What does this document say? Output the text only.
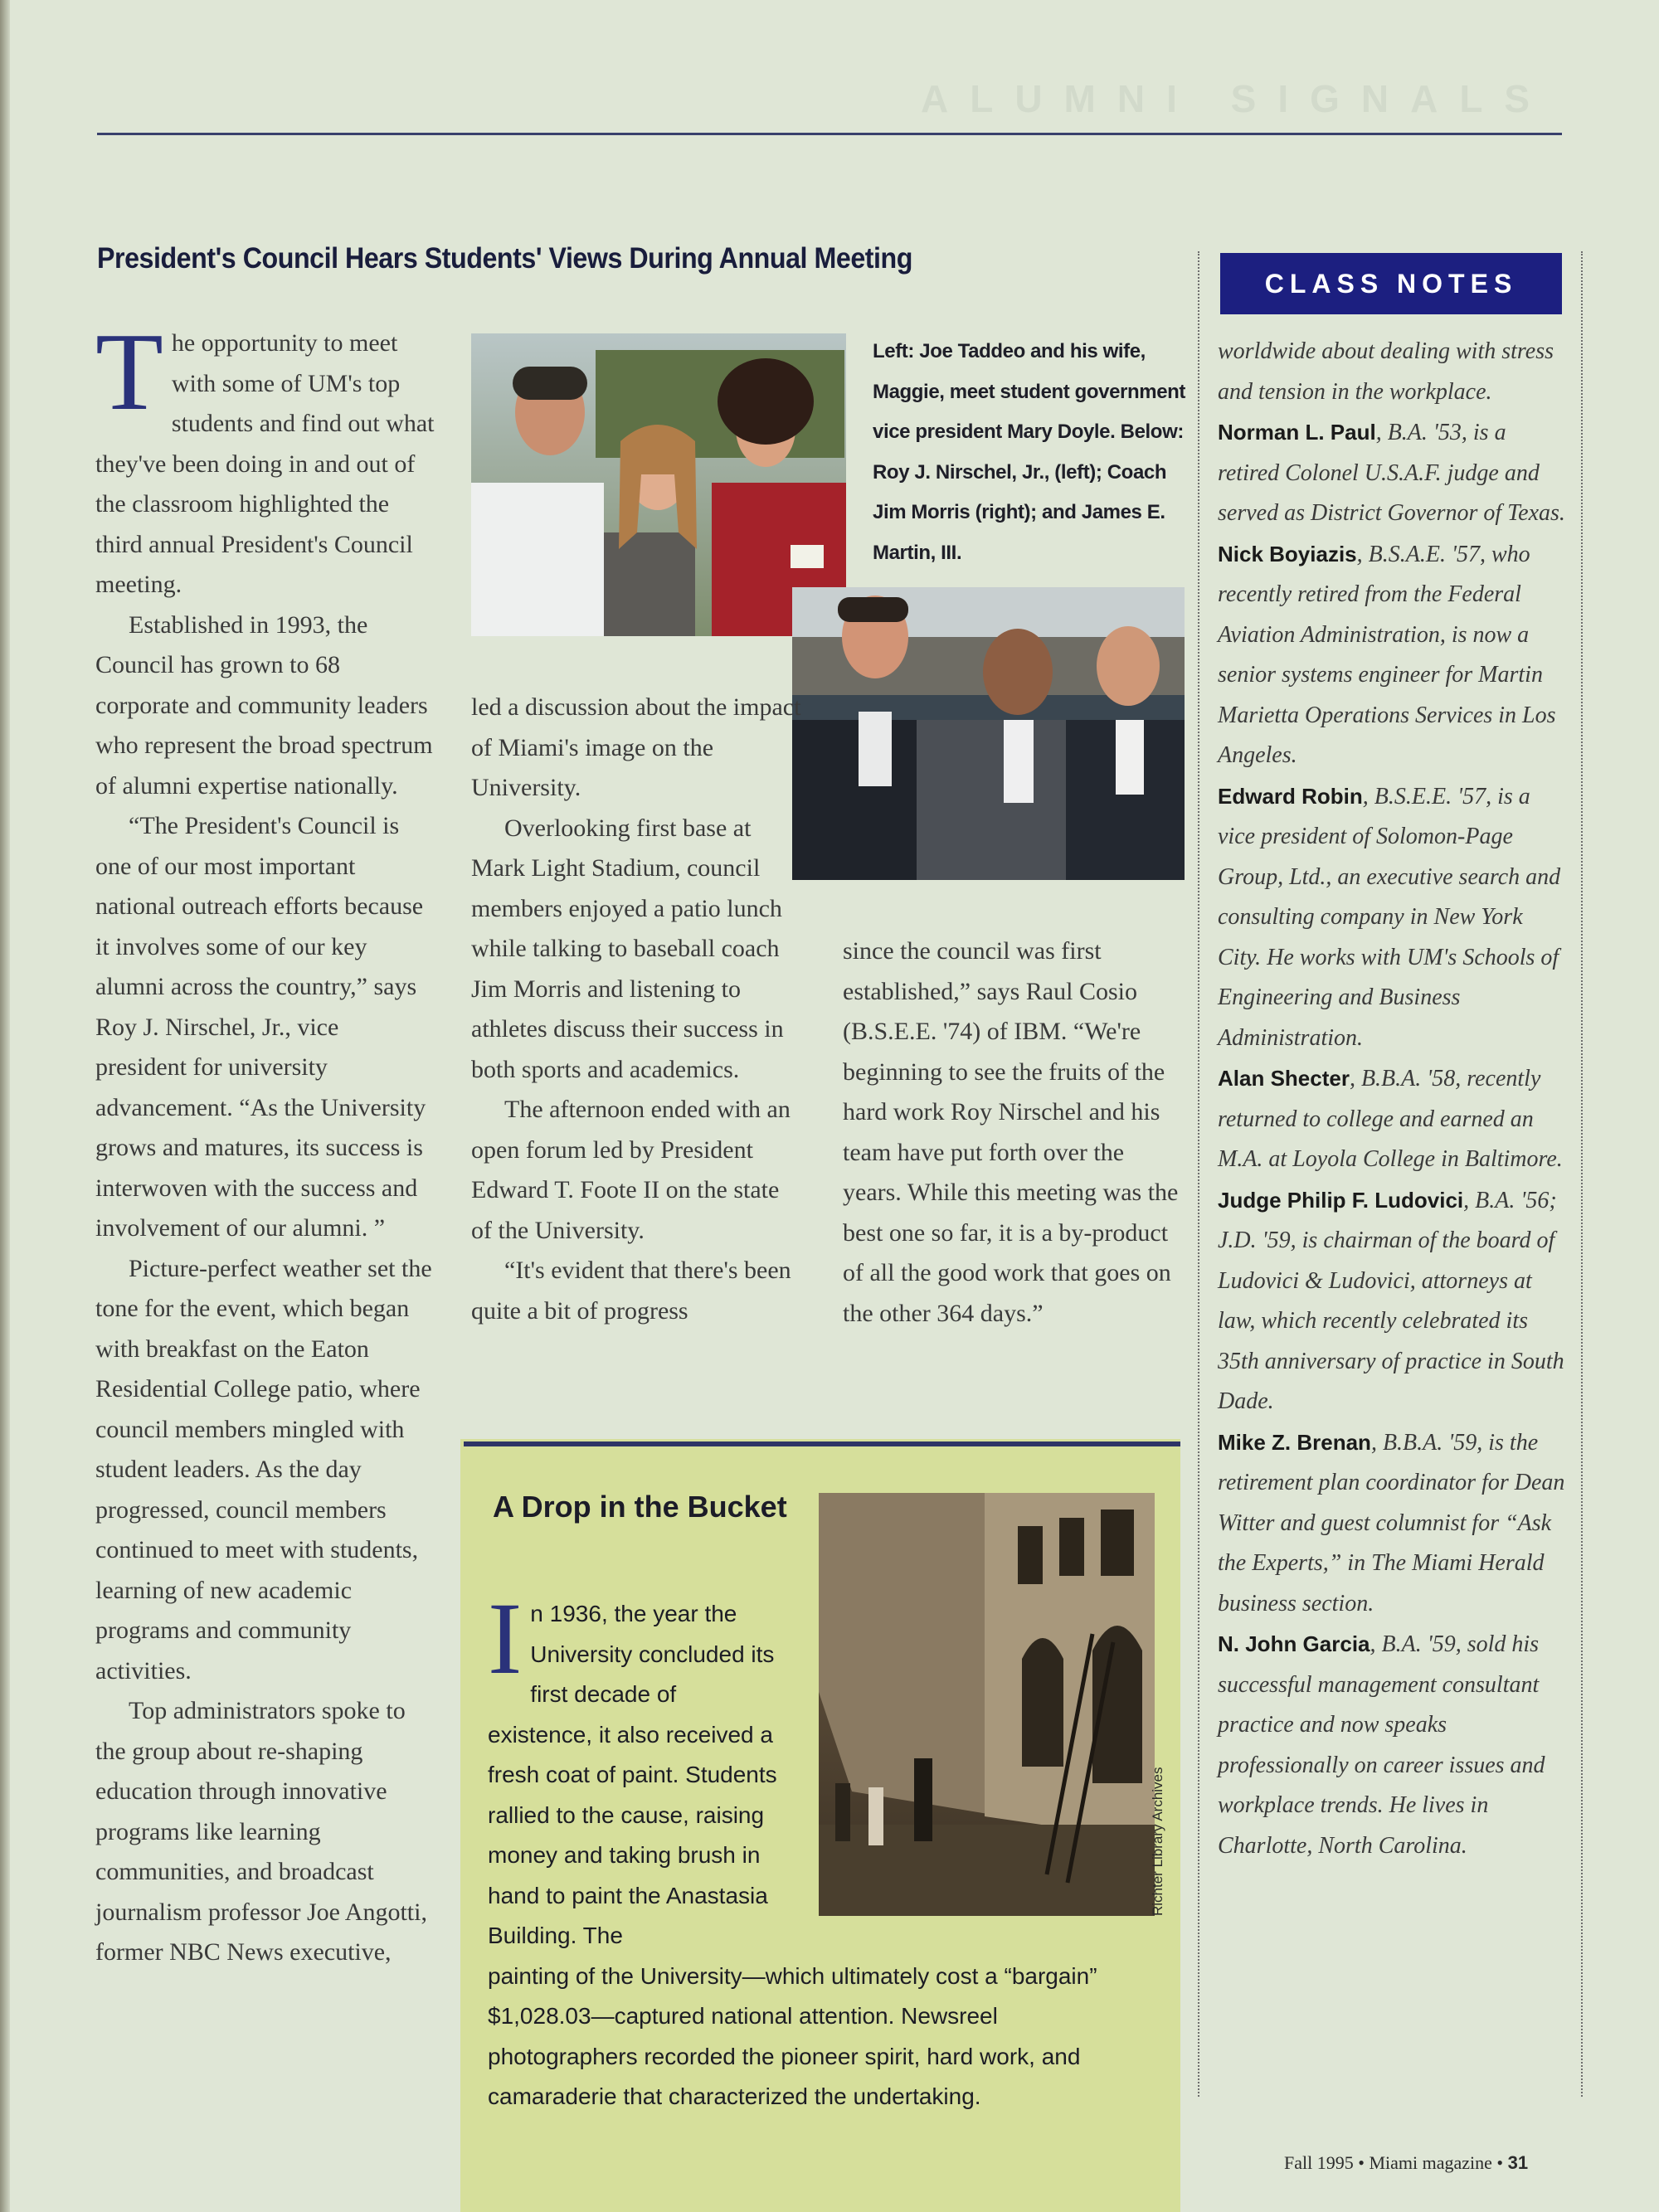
ALUMNI SIGNALS
President's Council Hears Students' Views During Annual Meeting
T he opportunity to meet with some of UM's top students and find out what they've been doing in and out of the classroom highlighted the third annual President's Council meeting.

Established in 1993, the Council has grown to 68 corporate and community leaders who represent the broad spectrum of alumni expertise nationally.

“The President's Council is one of our most important national outreach efforts because it involves some of our key alumni across the country,” says Roy J. Nirschel, Jr., vice president for university advancement. “As the University grows and matures, its success is interwoven with the success and involvement of our alumni. ”

Picture-perfect weather set the tone for the event, which began with breakfast on the Eaton Residential College patio, where council members mingled with student leaders. As the day progressed, council members continued to meet with students, learning of new academic programs and community activities.

Top administrators spoke to the group about re-shaping education through innovative programs like learning communities, and broadcast journalism professor Joe Angotti, former NBC News executive,

Left: Joe Taddeo and his wife, Maggie, meet student government vice president Mary Doyle. Below: Roy J. Nirschel, Jr., (left); Coach Jim Morris (right); and James E. Martin, III.

led a discussion about the impact of Miami's image on the University.

Overlooking first base at Mark Light Stadium, council members enjoyed a patio lunch while talking to baseball coach Jim Morris and listening to athletes discuss their success in both sports and academics.

The afternoon ended with an open forum led by President Edward T. Foote II on the state of the University.

“It's evident that there's been quite a bit of progress

since the council was first established,” says Raul Cosio (B.S.E.E. '74) of IBM. “We're beginning to see the fruits of the hard work Roy Nirschel and his team have put forth over the years. While this meeting was the best one so far, it is a by-product of all the good work that goes on the other 364 days.”

A Drop in the Bucket
Richter Library Archives
I n 1936, the year the University concluded its first decade of existence, it also received a fresh coat of paint. Students rallied to the cause, raising money and taking brush in hand to paint the Anastasia Building. The
painting of the University—which ultimately cost a “bargain” $1,028.03—captured national attention. Newsreel photographers recorded the pioneer spirit, hard work, and camaraderie that characterized the undertaking.
CLASS NOTES

worldwide about dealing with stress and tension in the workplace.

Norman L. Paul, B.A. '53, is a retired Colonel U.S.A.F. judge and served as District Governor of Texas.

Nick Boyiazis, B.S.A.E. '57, who recently retired from the Federal Aviation Administration, is now a senior systems engineer for Martin Marietta Operations Services in Los Angeles.

Edward Robin, B.S.E.E. '57, is a vice president of Solomon-Page Group, Ltd., an executive search and consulting company in New York City. He works with UM's Schools of Engineering and Business Administration.

Alan Shecter, B.B.A. '58, recently returned to college and earned an M.A. at Loyola College in Baltimore.

Judge Philip F. Ludovici, B.A. '56; J.D. '59, is chairman of the board of Ludovici & Ludovici, attorneys at law, which recently celebrated its 35th anniversary of practice in South Dade.

Mike Z. Brenan, B.B.A. '59, is the retirement plan coordinator for Dean Witter and guest columnist for “Ask the Experts,” in The Miami Herald business section.

N. John Garcia, B.A. '59, sold his successful management consultant practice and now speaks professionally on career issues and workplace trends. He lives in Charlotte, North Carolina.

Fall 1995 • Miami magazine • 31
